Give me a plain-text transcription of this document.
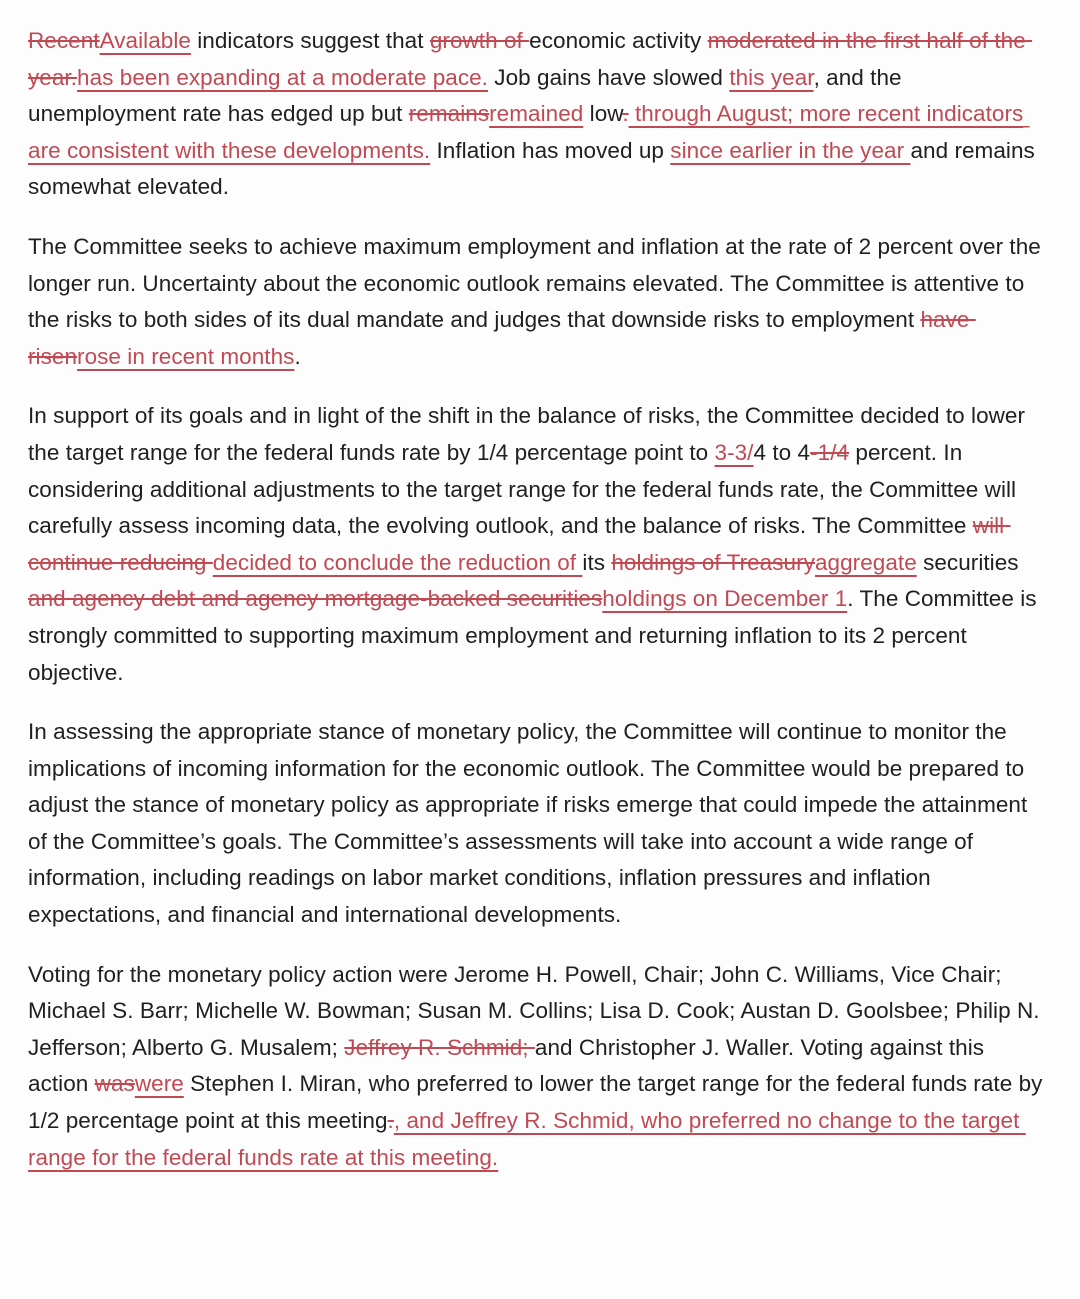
RecentAvailable indicators suggest that growth of economic activity moderated in the first half of the year.has been expanding at a moderate pace. Job gains have slowed this year, and the unemployment rate has edged up but remainsremained low. through August; more recent indicators are consistent with these developments. Inflation has moved up since earlier in the year and remains somewhat elevated.

The Committee seeks to achieve maximum employment and inflation at the rate of 2 percent over the longer run. Uncertainty about the economic outlook remains elevated. The Committee is attentive to the risks to both sides of its dual mandate and judges that downside risks to employment have risenrose in recent months.

In support of its goals and in light of the shift in the balance of risks, the Committee decided to lower the target range for the federal funds rate by 1/4 percentage point to 3-3/4 to 4-1/4 percent. In considering additional adjustments to the target range for the federal funds rate, the Committee will carefully assess incoming data, the evolving outlook, and the balance of risks. The Committee will continue reducing decided to conclude the reduction of its holdings of Treasuryaggregate securities and agency debt and agency mortgage-backed securitiesholdings on December 1. The Committee is strongly committed to supporting maximum employment and returning inflation to its 2 percent objective.

In assessing the appropriate stance of monetary policy, the Committee will continue to monitor the implications of incoming information for the economic outlook. The Committee would be prepared to adjust the stance of monetary policy as appropriate if risks emerge that could impede the attainment of the Committee’s goals. The Committee’s assessments will take into account a wide range of information, including readings on labor market conditions, inflation pressures and inflation expectations, and financial and international developments.

Voting for the monetary policy action were Jerome H. Powell, Chair; John C. Williams, Vice Chair; Michael S. Barr; Michelle W. Bowman; Susan M. Collins; Lisa D. Cook; Austan D. Goolsbee; Philip N. Jefferson; Alberto G. Musalem; Jeffrey R. Schmid; and Christopher J. Waller. Voting against this action waswere Stephen I. Miran, who preferred to lower the target range for the federal funds rate by 1/2 percentage point at this meeting., and Jeffrey R. Schmid, who preferred no change to the target range for the federal funds rate at this meeting.
